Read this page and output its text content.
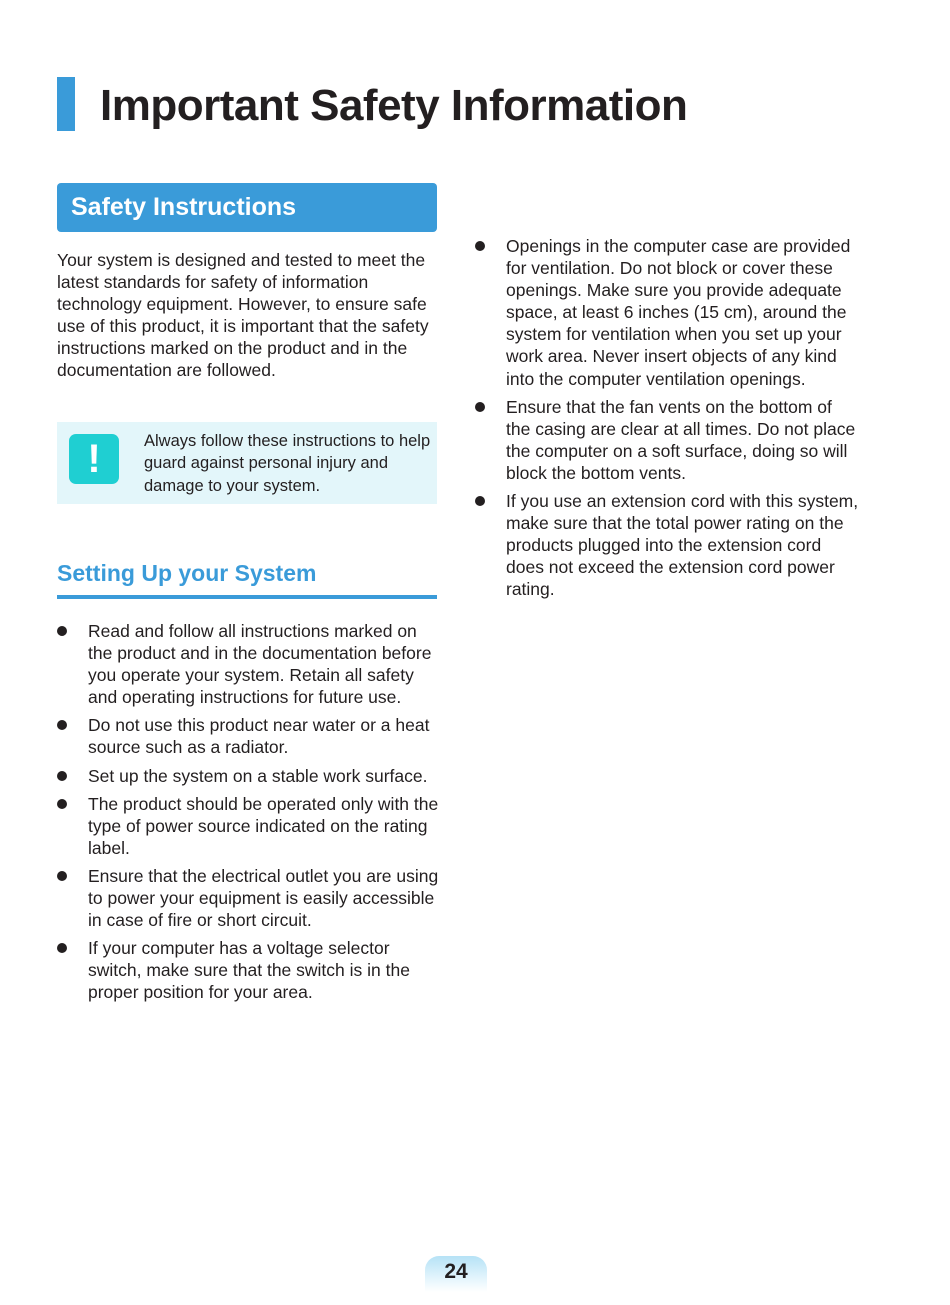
Important Safety Information
Safety Instructions

Your system is designed and tested to meet the latest standards for safety of information technology equipment. However, to ensure safe use of this product, it is important that the safety instructions marked on the product and in the documentation are followed.

!	Always follow these instructions to help guard against personal injury and damage to your system.

Setting Up your System
Read and follow all instructions marked on the product and in the documentation before you operate your system. Retain all safety and operating instructions for future use.
Do not use this product near water or a heat source such as a radiator.
Set up the system on a stable work surface.
The product should be operated only with the type of power source indicated on the rating label.
Ensure that the electrical outlet you are using to power your equipment is easily accessible in case of fire or short circuit.
If your computer has a voltage selector switch, make sure that the switch is in the proper position for your area.
Openings in the computer case are provided for ventilation. Do not block or cover these openings. Make sure you provide adequate space, at least 6 inches (15 cm), around the system for ventilation when you set up your work area. Never insert objects of any kind into the computer ventilation openings.
Ensure that the fan vents on the bottom of the casing are clear at all times. Do not place the computer on a soft surface, doing so will block the bottom vents.
If you use an extension cord with this system, make sure that the total power rating on the products plugged into the extension cord does not exceed the extension cord power rating.
24
